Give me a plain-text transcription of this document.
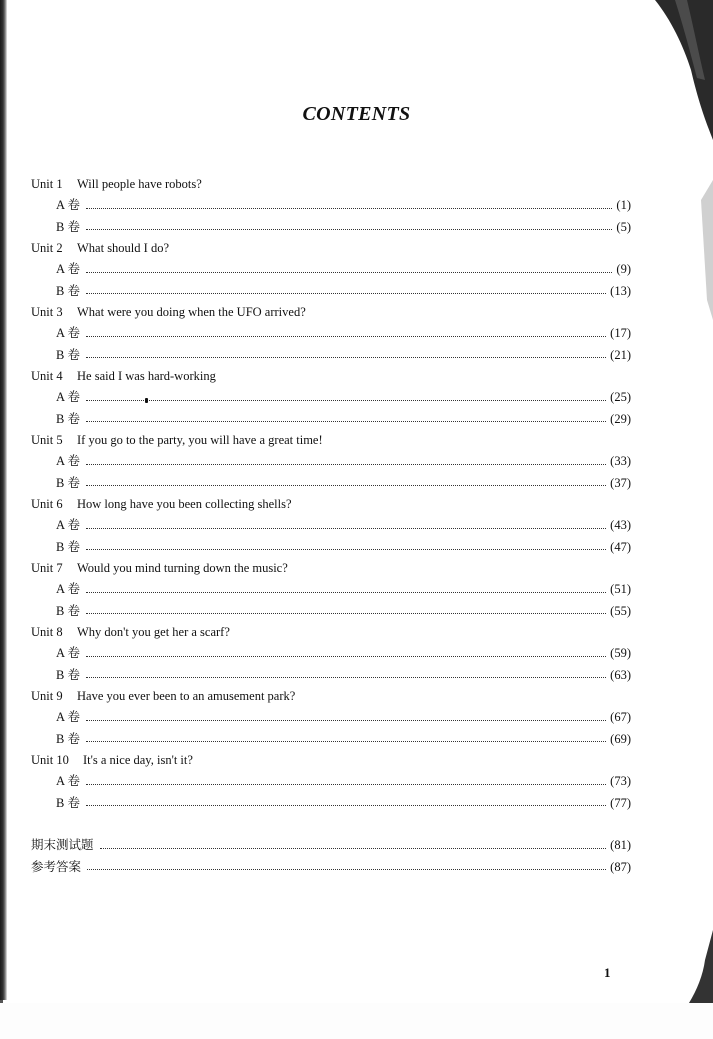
CONTENTS
Unit 1 Will people have robots?
A 卷	(1)
B 卷	(5)
Unit 2 What should I do?
A 卷	(9)
B 卷	(13)
Unit 3 What were you doing when the UFO arrived?
A 卷	(17)
B 卷	(21)
Unit 4 He said I was hard-working
A 卷	(25)
B 卷	(29)
Unit 5 If you go to the party, you will have a great time!
A 卷	(33)
B 卷	(37)
Unit 6 How long have you been collecting shells?
A 卷	(43)
B 卷	(47)
Unit 7 Would you mind turning down the music?
A 卷	(51)
B 卷	(55)
Unit 8 Why don't you get her a scarf?
A 卷	(59)
B 卷	(63)
Unit 9 Have you ever been to an amusement park?
A 卷	(67)
B 卷	(69)
Unit 10 It's a nice day, isn't it?
A 卷	(73)
B 卷	(77)
期末测试题	(81)
参考答案	(87)
1
